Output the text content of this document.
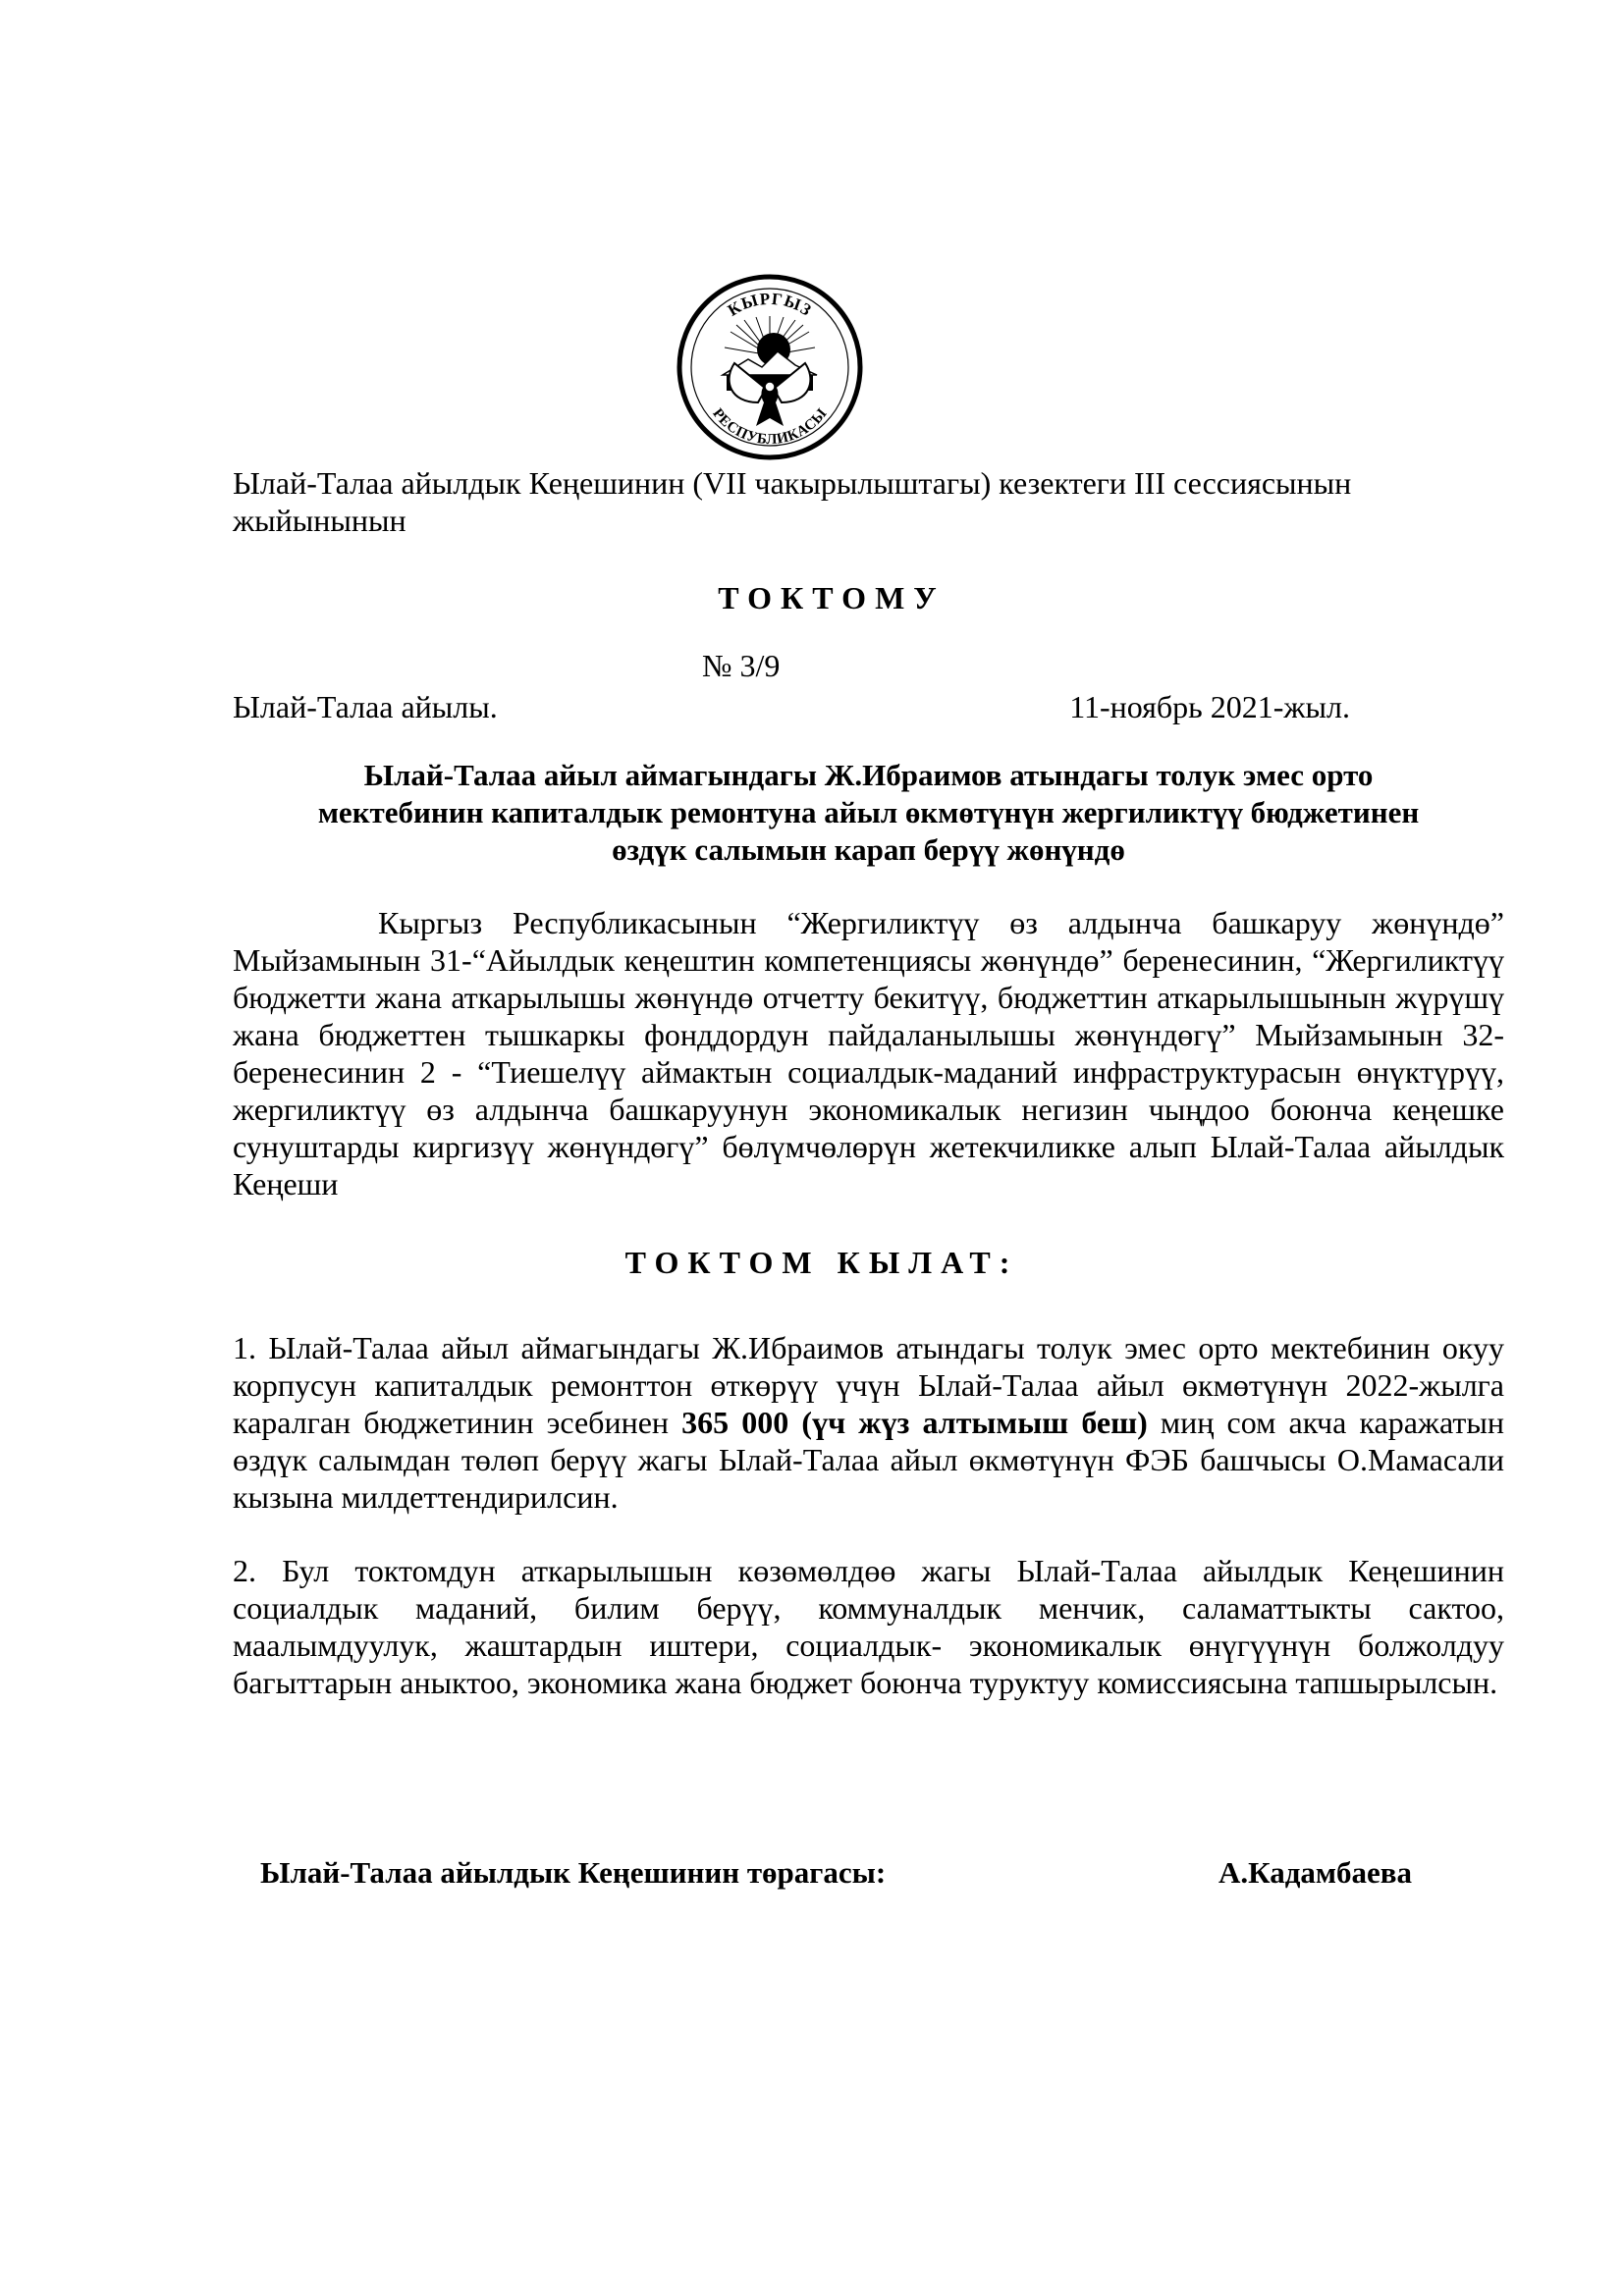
КЫРГЫЗ
РЕСПУБЛИКАСЫ
Ылай-Талаа айылдык Кеңешинин (VII чакырылыштагы) кезектеги III сессиясынын
жыйынынын
ТОКТОМУ
№ 3/9
Ылай-Талаа айылы.	11-ноябрь 2021-жыл.
Ылай-Талаа айыл аймагындагы Ж.Ибраимов атындагы толук эмес орто
мектебинин капиталдык ремонтуна айыл өкмөтүнүн жергиликтүү бюджетинен
өздүк салымын карап берүү жөнүндө
Кыргыз Республикасынын “Жергиликтүү өз алдынча башкаруу жөнүндө” Мыйзамынын 31-“Айылдык кеңештин компетенциясы жөнүндө” беренесинин, “Жергиликтүү бюджетти жана аткарылышы жөнүндө отчетту бекитүү, бюджеттин аткарылышынын жүрүшү жана бюджеттен тышкаркы фонддордун пайдаланылышы жөнүндөгү” Мыйзамынын 32-беренесинин 2 - “Тиешелүү аймактын социалдык-маданий инфраструктурасын өнүктүрүү, жергиликтүү өз алдынча башкаруунун экономикалык негизин чыңдоо боюнча кеңешке сунуштарды киргизүү жөнүндөгү” бөлүмчөлөрүн жетекчиликке алып Ылай-Талаа айылдык Кеңеши
ТОКТОМ КЫЛАТ:
1. Ылай-Талаа айыл аймагындагы Ж.Ибраимов атындагы толук эмес орто мектебинин окуу корпусун капиталдык ремонттон өткөрүү үчүн Ылай-Талаа айыл өкмөтүнүн 2022-жылга каралган бюджетинин эсебинен 365 000 (үч жүз алтымыш беш) миң сом акча каражатын өздүк салымдан төлөп берүү жагы Ылай-Талаа айыл өкмөтүнүн ФЭБ башчысы О.Мамасали кызына милдеттендирилсин.
2. Бул токтомдун аткарылышын көзөмөлдөө жагы Ылай-Талаа айылдык Кеңешинин социалдык маданий, билим берүү, коммуналдык менчик, саламаттыкты сактоо, маалымдуулук, жаштардын иштери, социалдык- экономикалык өнүгүүнүн болжолдуу багыттарын аныктоо, экономика жана бюджет боюнча туруктуу комиссиясына тапшырылсын.
Ылай-Талаа айылдык Кеңешинин төрагасы:	А.Кадамбаева
